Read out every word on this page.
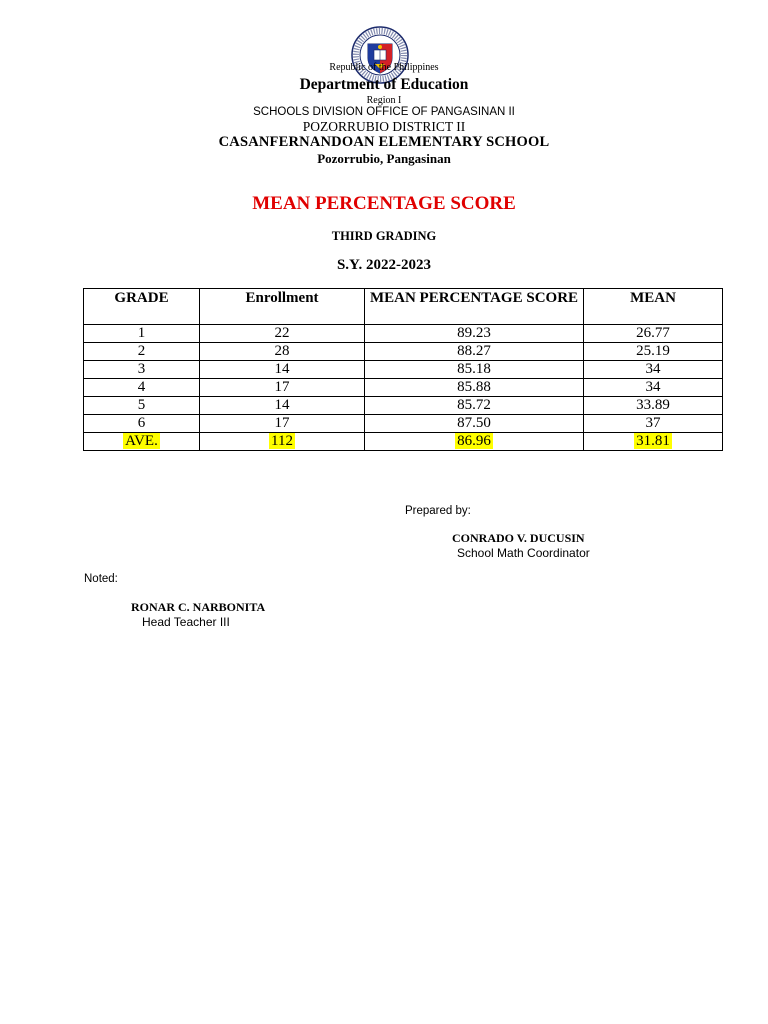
Republic of the Philippines
Department of Education
Region I
SCHOOLS DIVISION OFFICE OF PANGASINAN II
POZORRUBIO DISTRICT II
CASANFERNANDOAN ELEMENTARY SCHOOL
Pozorrubio, Pangasinan
MEAN PERCENTAGE SCORE
THIRD GRADING
S.Y. 2022-2023
GRADE	Enrollment	MEAN PERCENTAGE SCORE	MEAN
1	22	89.23	26.77
2	28	88.27	25.19
3	14	85.18	34
4	17	85.88	34
5	14	85.72	33.89
6	17	87.50	37
AVE.	112	86.96	31.81
Prepared by:
CONRADO V. DUCUSIN
School Math Coordinator
Noted:
RONAR C. NARBONITA
Head Teacher III
